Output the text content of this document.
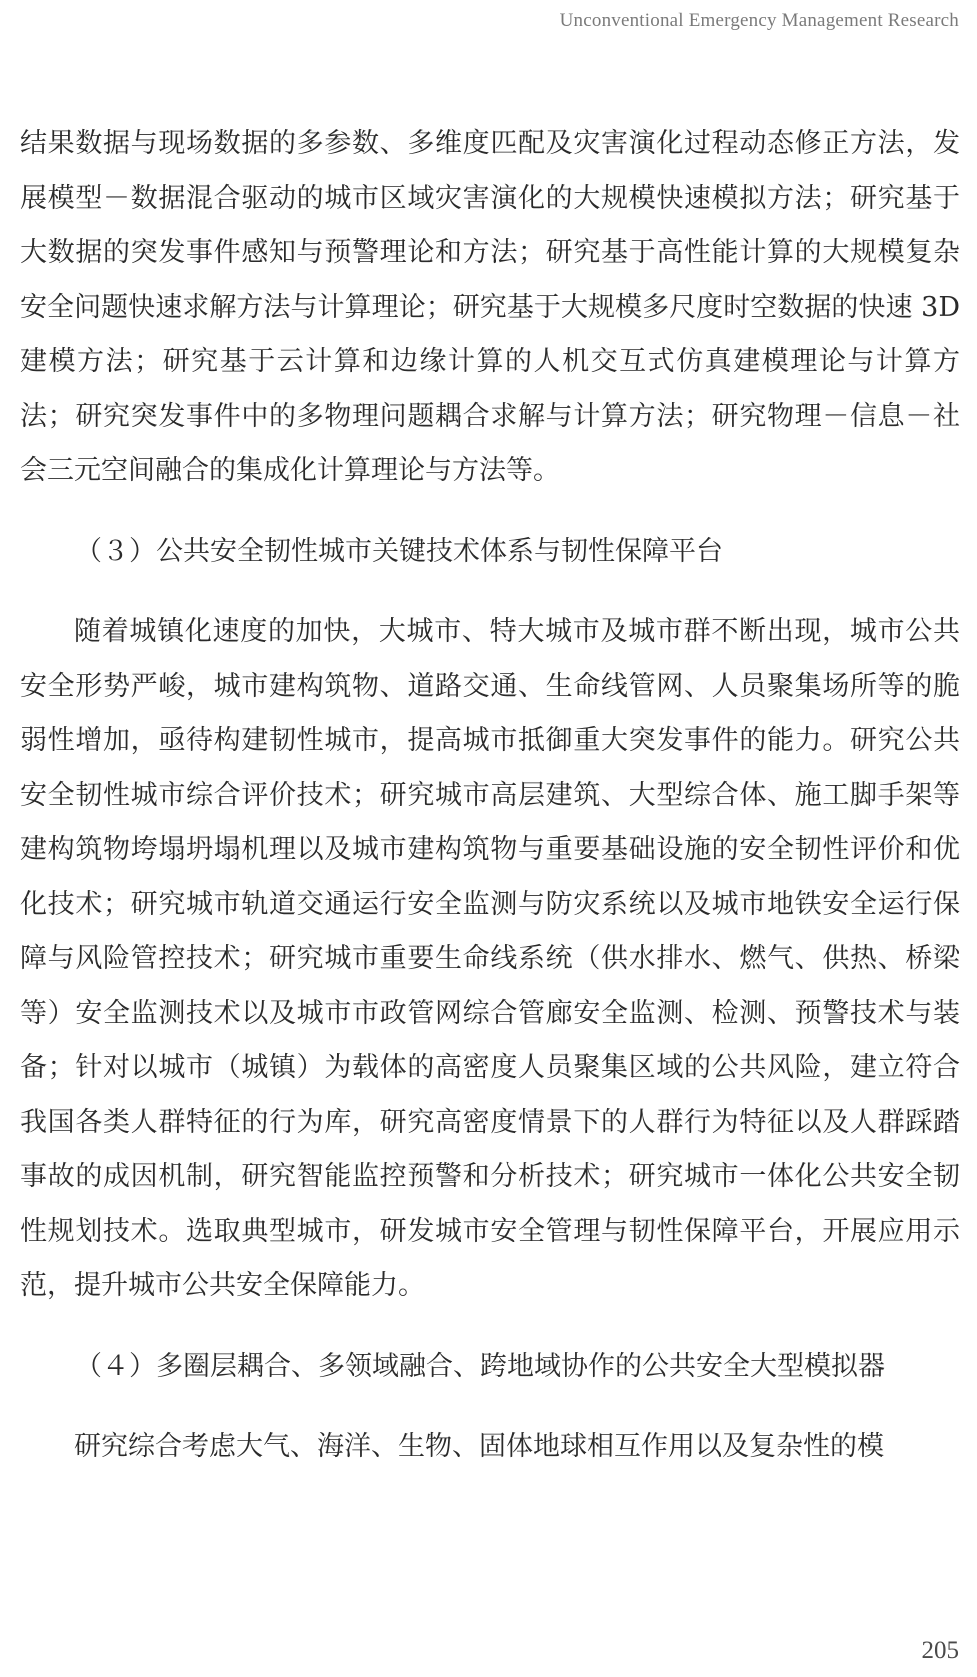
Unconventional Emergency Management Research

结果数据与现场数据的多参数、多维度匹配及灾害演化过程动态修正方法，发展模型－数据混合驱动的城市区域灾害演化的大规模快速模拟方法；研究基于大数据的突发事件感知与预警理论和方法；研究基于高性能计算的大规模复杂安全问题快速求解方法与计算理论；研究基于大规模多尺度时空数据的快速 3D 建模方法；研究基于云计算和边缘计算的人机交互式仿真建模理论与计算方法；研究突发事件中的多物理问题耦合求解与计算方法；研究物理－信息－社会三元空间融合的集成化计算理论与方法等。

（３）公共安全韧性城市关键技术体系与韧性保障平台

随着城镇化速度的加快，大城市、特大城市及城市群不断出现，城市公共安全形势严峻，城市建构筑物、道路交通、生命线管网、人员聚集场所等的脆弱性增加，亟待构建韧性城市，提高城市抵御重大突发事件的能力。研究公共安全韧性城市综合评价技术；研究城市高层建筑、大型综合体、施工脚手架等建构筑物垮塌坍塌机理以及城市建构筑物与重要基础设施的安全韧性评价和优化技术；研究城市轨道交通运行安全监测与防灾系统以及城市地铁安全运行保障与风险管控技术；研究城市重要生命线系统（供水排水、燃气、供热、桥梁等）安全监测技术以及城市市政管网综合管廊安全监测、检测、预警技术与装备；针对以城市（城镇）为载体的高密度人员聚集区域的公共风险，建立符合我国各类人群特征的行为库，研究高密度情景下的人群行为特征以及人群踩踏事故的成因机制，研究智能监控预警和分析技术；研究城市一体化公共安全韧性规划技术。选取典型城市，研发城市安全管理与韧性保障平台，开展应用示范，提升城市公共安全保障能力。

（４）多圈层耦合、多领域融合、跨地域协作的公共安全大型模拟器

研究综合考虑大气、海洋、生物、固体地球相互作用以及复杂性的模

205
